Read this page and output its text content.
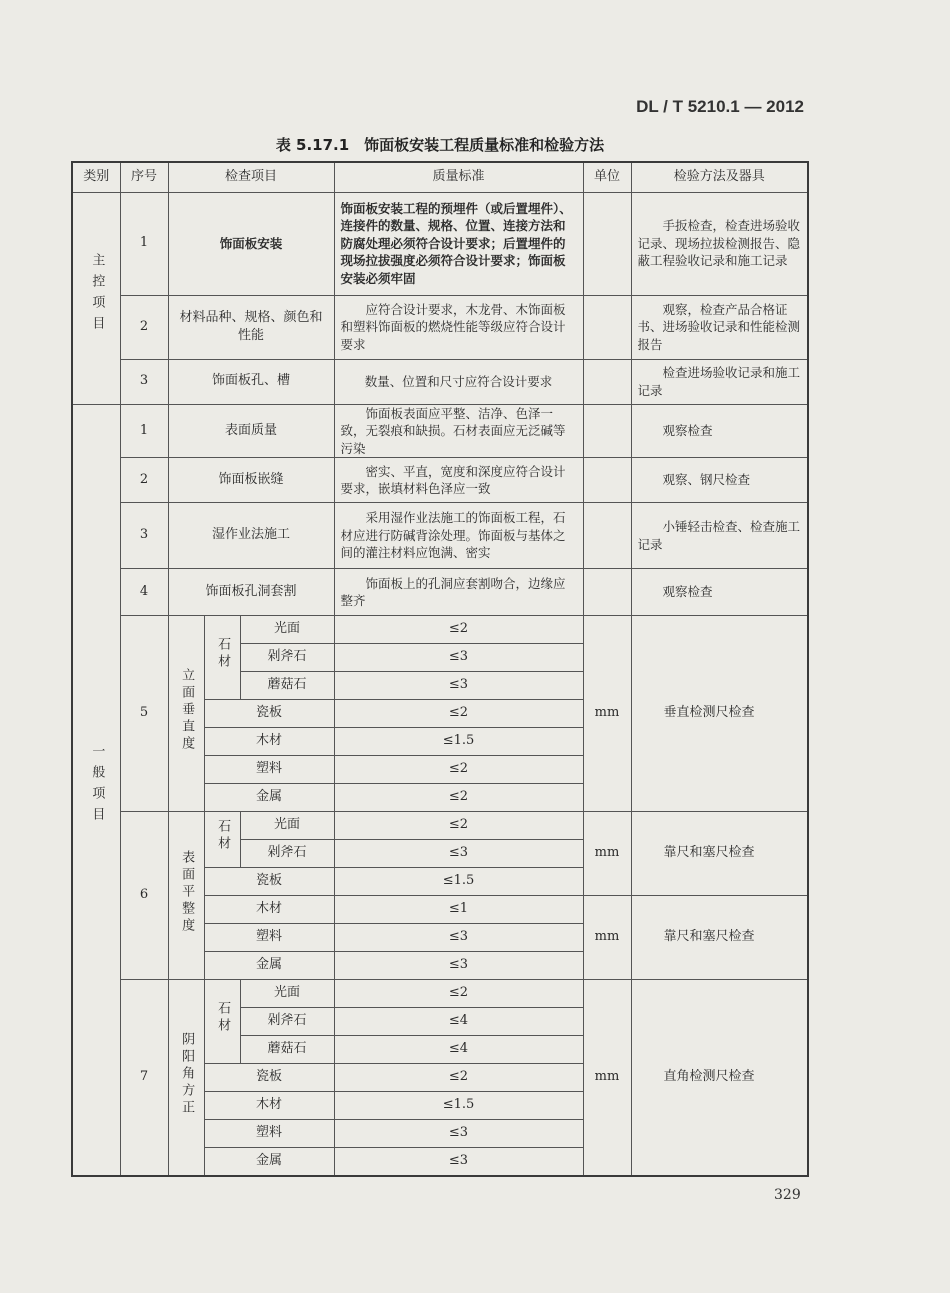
DL / T 5210.1 — 2012
表 5.17.1　饰面板安装工程质量标准和检验方法
类别	序号	检查项目			质量标准	单位	检验方法及器具
主控项目	1	饰面板安装			饰面板安装工程的预埋件（或后置埋件）、连接件的数量、规格、位置、连接方法和防腐处理必须符合设计要求；后置埋件的现场拉拔强度必须符合设计要求；饰面板安装必须牢固		手扳检查，检查进场验收记录、现场拉拔检测报告、隐蔽工程验收记录和施工记录
	2	材料品种、规格、颜色和性能			应符合设计要求，木龙骨、木饰面板和塑料饰面板的燃烧性能等级应符合设计要求		观察，检查产品合格证书、进场验收记录和性能检测报告
	3	饰面板孔、槽			数量、位置和尺寸应符合设计要求		检查进场验收记录和施工记录
一般项目	1	表面质量			饰面板表面应平整、洁净、色泽一致，无裂痕和缺损。石材表面应无泛碱等污染		观察检查
	2	饰面板嵌缝			密实、平直，宽度和深度应符合设计要求，嵌填材料色泽应一致		观察、钢尺检查
	3	湿作业法施工			采用湿作业法施工的饰面板工程，石材应进行防碱背涂处理。饰面板与基体之间的灌注材料应饱满、密实		小锤轻击检查、检查施工记录
	4	饰面板孔洞套割			饰面板上的孔洞应套割吻合，边缘应整齐		观察检查
	5	立面垂直度	石材	光面	≤2	mm	垂直检测尺检查
				剁斧石	≤3		
				蘑菇石	≤3		
			瓷板		≤2		
			木材		≤1.5		
			塑料		≤2		
			金属		≤2		
	6	表面平整度	石材	光面	≤2	mm	靠尺和塞尺检查
				剁斧石	≤3		
			瓷板		≤1.5		
			木材		≤1	mm	靠尺和塞尺检查
			塑料		≤3		
			金属		≤3		
	7	阴阳角方正	石材	光面	≤2	mm	直角检测尺检查
				剁斧石	≤4		
				蘑菇石	≤4		
			瓷板		≤2		
			木材		≤1.5		
			塑料		≤3		
			金属		≤3		
329
